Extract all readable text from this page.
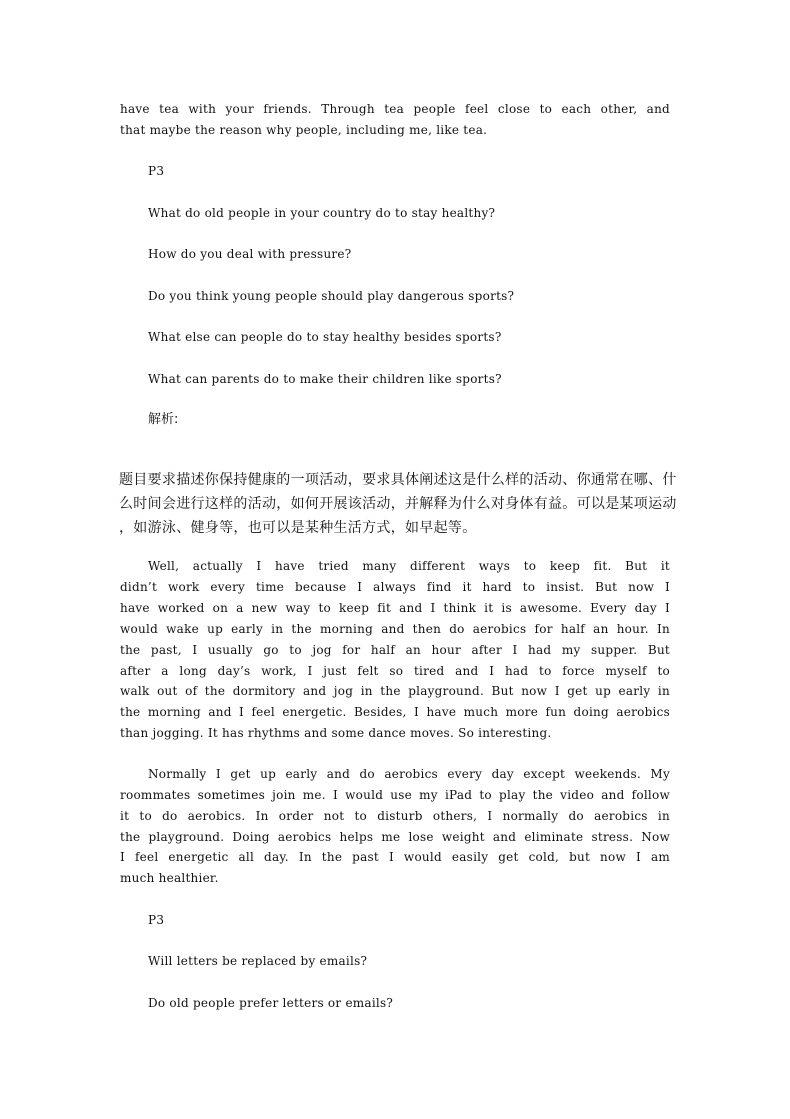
have tea with your friends. Through tea people feel close to each other, and
that maybe the reason why people, including me, like tea.
P3
What do old people in your country do to stay healthy?
How do you deal with pressure?
Do you think young people should play dangerous sports?
What else can people do to stay healthy besides sports?
What can parents do to make their children like sports?
解析:
题目要求描述你保持健康的一项活动，要求具体阐述这是什么样的活动、你通常在哪、什
么时间会进行这样的活动，如何开展该活动，并解释为什么对身体有益。可以是某项运动
，如游泳、健身等，也可以是某种生活方式，如早起等。
Well, actually I have tried many different ways to keep fit. But it
didn’t work every time because I always find it hard to insist. But now I
have worked on a new way to keep fit and I think it is awesome. Every day I
would wake up early in the morning and then do aerobics for half an hour. In
the past, I usually go to jog for half an hour after I had my supper. But
after a long day’s work, I just felt so tired and I had to force myself to
walk out of the dormitory and jog in the playground. But now I get up early in
the morning and I feel energetic. Besides, I have much more fun doing aerobics
than jogging. It has rhythms and some dance moves. So interesting.
Normally I get up early and do aerobics every day except weekends. My
roommates sometimes join me. I would use my iPad to play the video and follow
it to do aerobics. In order not to disturb others, I normally do aerobics in
the playground. Doing aerobics helps me lose weight and eliminate stress. Now
I feel energetic all day. In the past I would easily get cold, but now I am
much healthier.
P3
Will letters be replaced by emails?
Do old people prefer letters or emails?
